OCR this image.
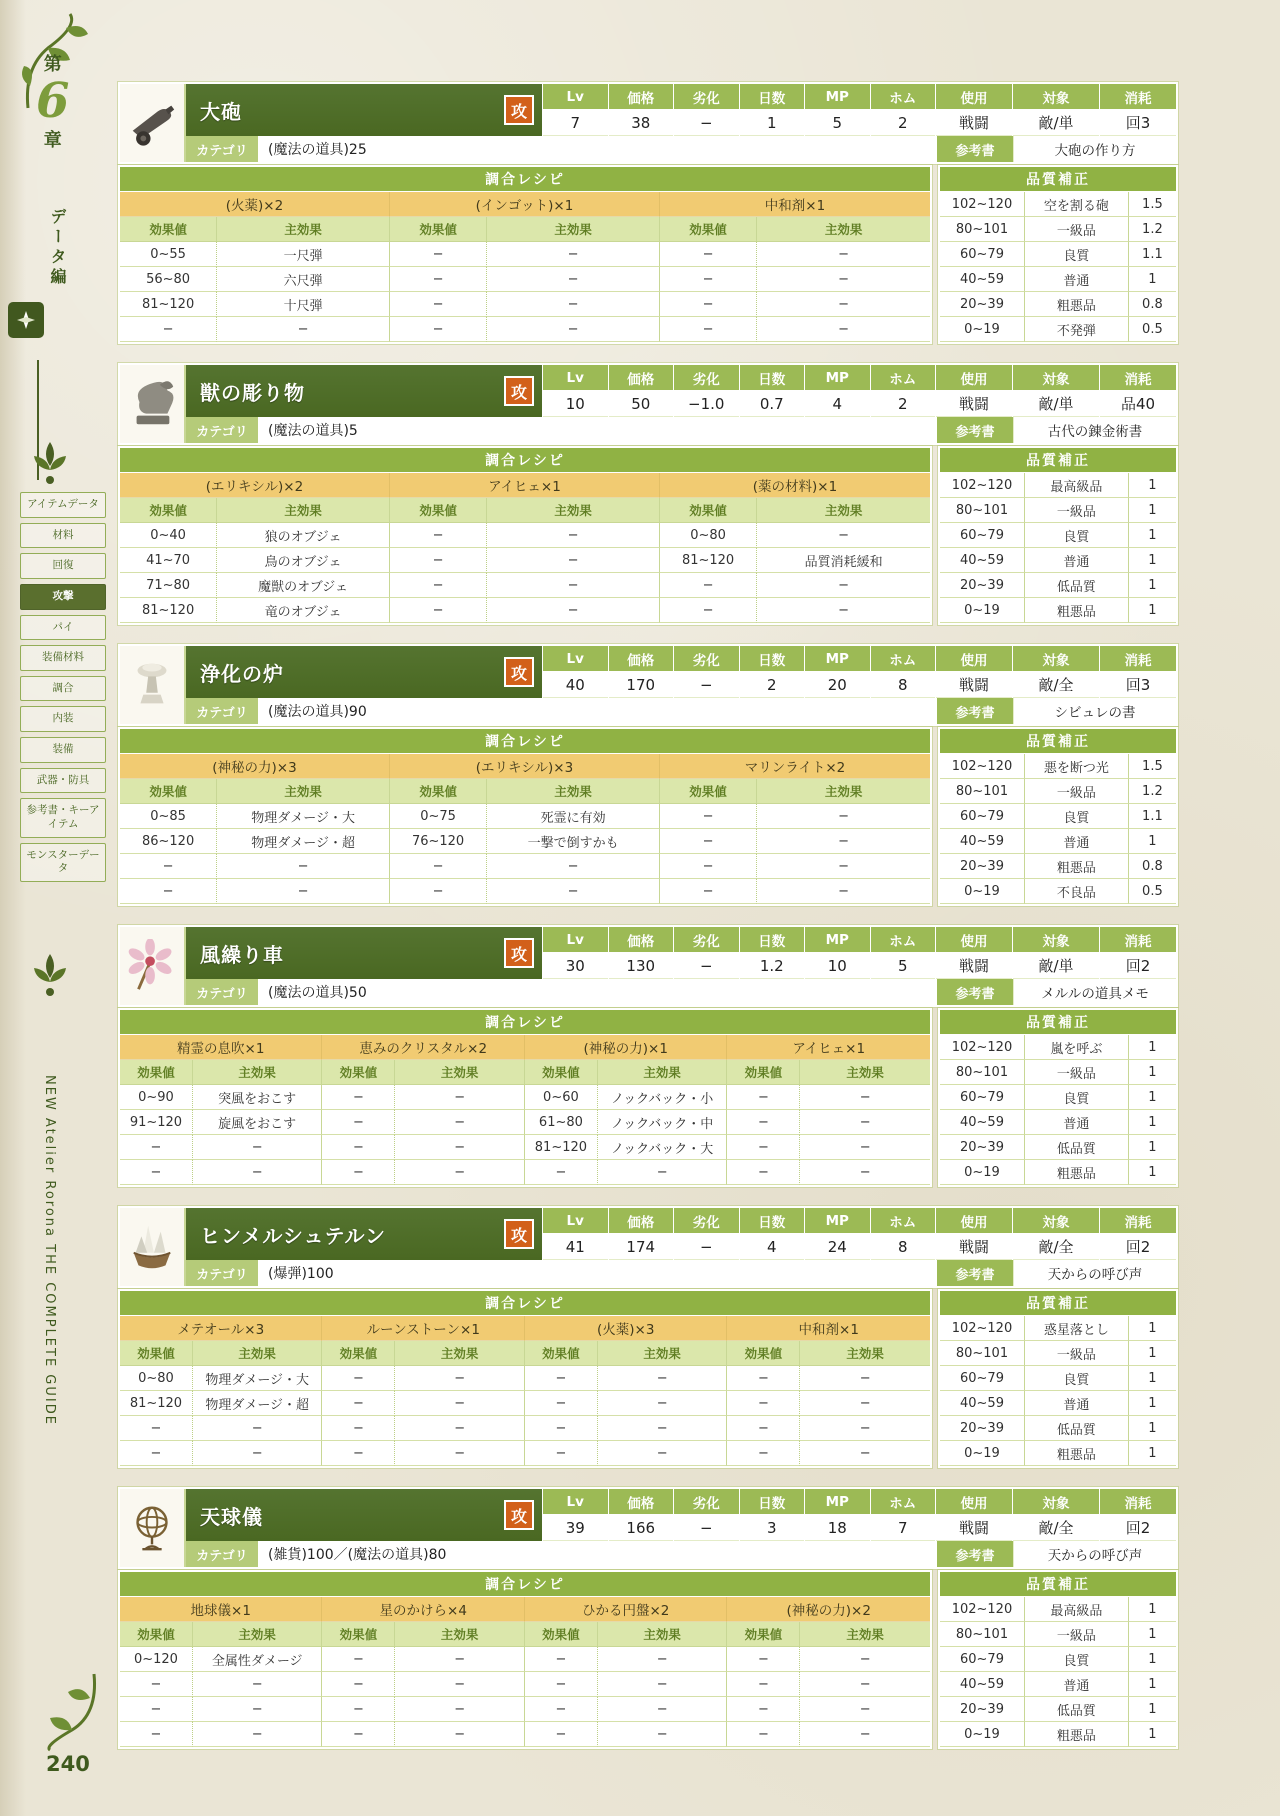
第
6
章
データ編
アイテムデータ
材料
回復
攻撃
パイ
装備材料
調合
内装
装備
武器・防具
参考書・キーアイテム
モンスターデータ
NEW Atelier Rorona THE COMPLETE GUIDE
240
大砲	攻
Lv
7
価格
38
劣化
−
日数
1
MP
5
ホム
2
使用
戦闘
対象
敵/単
消耗
回3
カテゴリ	(魔法の道具)25	参考書	大砲の作り方
調合レシピ					
(火薬)×2		(インゴット)×1		中和剤×1	
効果値	主効果	効果値	主効果	効果値	主効果
0~55	一尺弾	−	−	−	−
56~80	六尺弾	−	−	−	−
81~120	十尺弾	−	−	−	−
−	−	−	−	−	−
品質補正		
102~120	空を割る砲	1.5
80~101	一級品	1.2
60~79	良質	1.1
40~59	普通	1
20~39	粗悪品	0.8
0~19	不発弾	0.5
獣の彫り物	攻
Lv
10
価格
50
劣化
−1.0
日数
0.7
MP
4
ホム
2
使用
戦闘
対象
敵/単
消耗
品40
カテゴリ	(魔法の道具)5	参考書	古代の錬金術書
調合レシピ					
(エリキシル)×2		アイヒェ×1		(薬の材料)×1	
効果値	主効果	効果値	主効果	効果値	主効果
0~40	狼のオブジェ	−	−	0~80	−
41~70	鳥のオブジェ	−	−	81~120	品質消耗緩和
71~80	魔獣のオブジェ	−	−	−	−
81~120	竜のオブジェ	−	−	−	−
品質補正		
102~120	最高級品	1
80~101	一級品	1
60~79	良質	1
40~59	普通	1
20~39	低品質	1
0~19	粗悪品	1
浄化の炉	攻
Lv
40
価格
170
劣化
−
日数
2
MP
20
ホム
8
使用
戦闘
対象
敵/全
消耗
回3
カテゴリ	(魔法の道具)90	参考書	シビュレの書
調合レシピ					
(神秘の力)×3		(エリキシル)×3		マリンライト×2	
効果値	主効果	効果値	主効果	効果値	主効果
0~85	物理ダメージ・大	0~75	死霊に有効	−	−
86~120	物理ダメージ・超	76~120	一撃で倒すかも	−	−
−	−	−	−	−	−
−	−	−	−	−	−
品質補正		
102~120	悪を断つ光	1.5
80~101	一級品	1.2
60~79	良質	1.1
40~59	普通	1
20~39	粗悪品	0.8
0~19	不良品	0.5
風繰り車	攻
Lv
30
価格
130
劣化
−
日数
1.2
MP
10
ホム
5
使用
戦闘
対象
敵/単
消耗
回2
カテゴリ	(魔法の道具)50	参考書	メルルの道具メモ
調合レシピ							
精霊の息吹×1		恵みのクリスタル×2		(神秘の力)×1		アイヒェ×1	
効果値	主効果	効果値	主効果	効果値	主効果	効果値	主効果
0~90	突風をおこす	−	−	0~60	ノックバック・小	−	−
91~120	旋風をおこす	−	−	61~80	ノックバック・中	−	−
−	−	−	−	81~120	ノックバック・大	−	−
−	−	−	−	−	−	−	−
品質補正		
102~120	嵐を呼ぶ	1
80~101	一級品	1
60~79	良質	1
40~59	普通	1
20~39	低品質	1
0~19	粗悪品	1
ヒンメルシュテルン	攻
Lv
41
価格
174
劣化
−
日数
4
MP
24
ホム
8
使用
戦闘
対象
敵/全
消耗
回2
カテゴリ	(爆弾)100	参考書	天からの呼び声
調合レシピ							
メテオール×3		ルーンストーン×1		(火薬)×3		中和剤×1	
効果値	主効果	効果値	主効果	効果値	主効果	効果値	主効果
0~80	物理ダメージ・大	−	−	−	−	−	−
81~120	物理ダメージ・超	−	−	−	−	−	−
−	−	−	−	−	−	−	−
−	−	−	−	−	−	−	−
品質補正		
102~120	惑星落とし	1
80~101	一級品	1
60~79	良質	1
40~59	普通	1
20~39	低品質	1
0~19	粗悪品	1
天球儀	攻
Lv
39
価格
166
劣化
−
日数
3
MP
18
ホム
7
使用
戦闘
対象
敵/全
消耗
回2
カテゴリ	(雑貨)100／(魔法の道具)80	参考書	天からの呼び声
調合レシピ							
地球儀×1		星のかけら×4		ひかる円盤×2		(神秘の力)×2	
効果値	主効果	効果値	主効果	効果値	主効果	効果値	主効果
0~120	全属性ダメージ	−	−	−	−	−	−
−	−	−	−	−	−	−	−
−	−	−	−	−	−	−	−
−	−	−	−	−	−	−	−
品質補正		
102~120	最高級品	1
80~101	一級品	1
60~79	良質	1
40~59	普通	1
20~39	低品質	1
0~19	粗悪品	1
